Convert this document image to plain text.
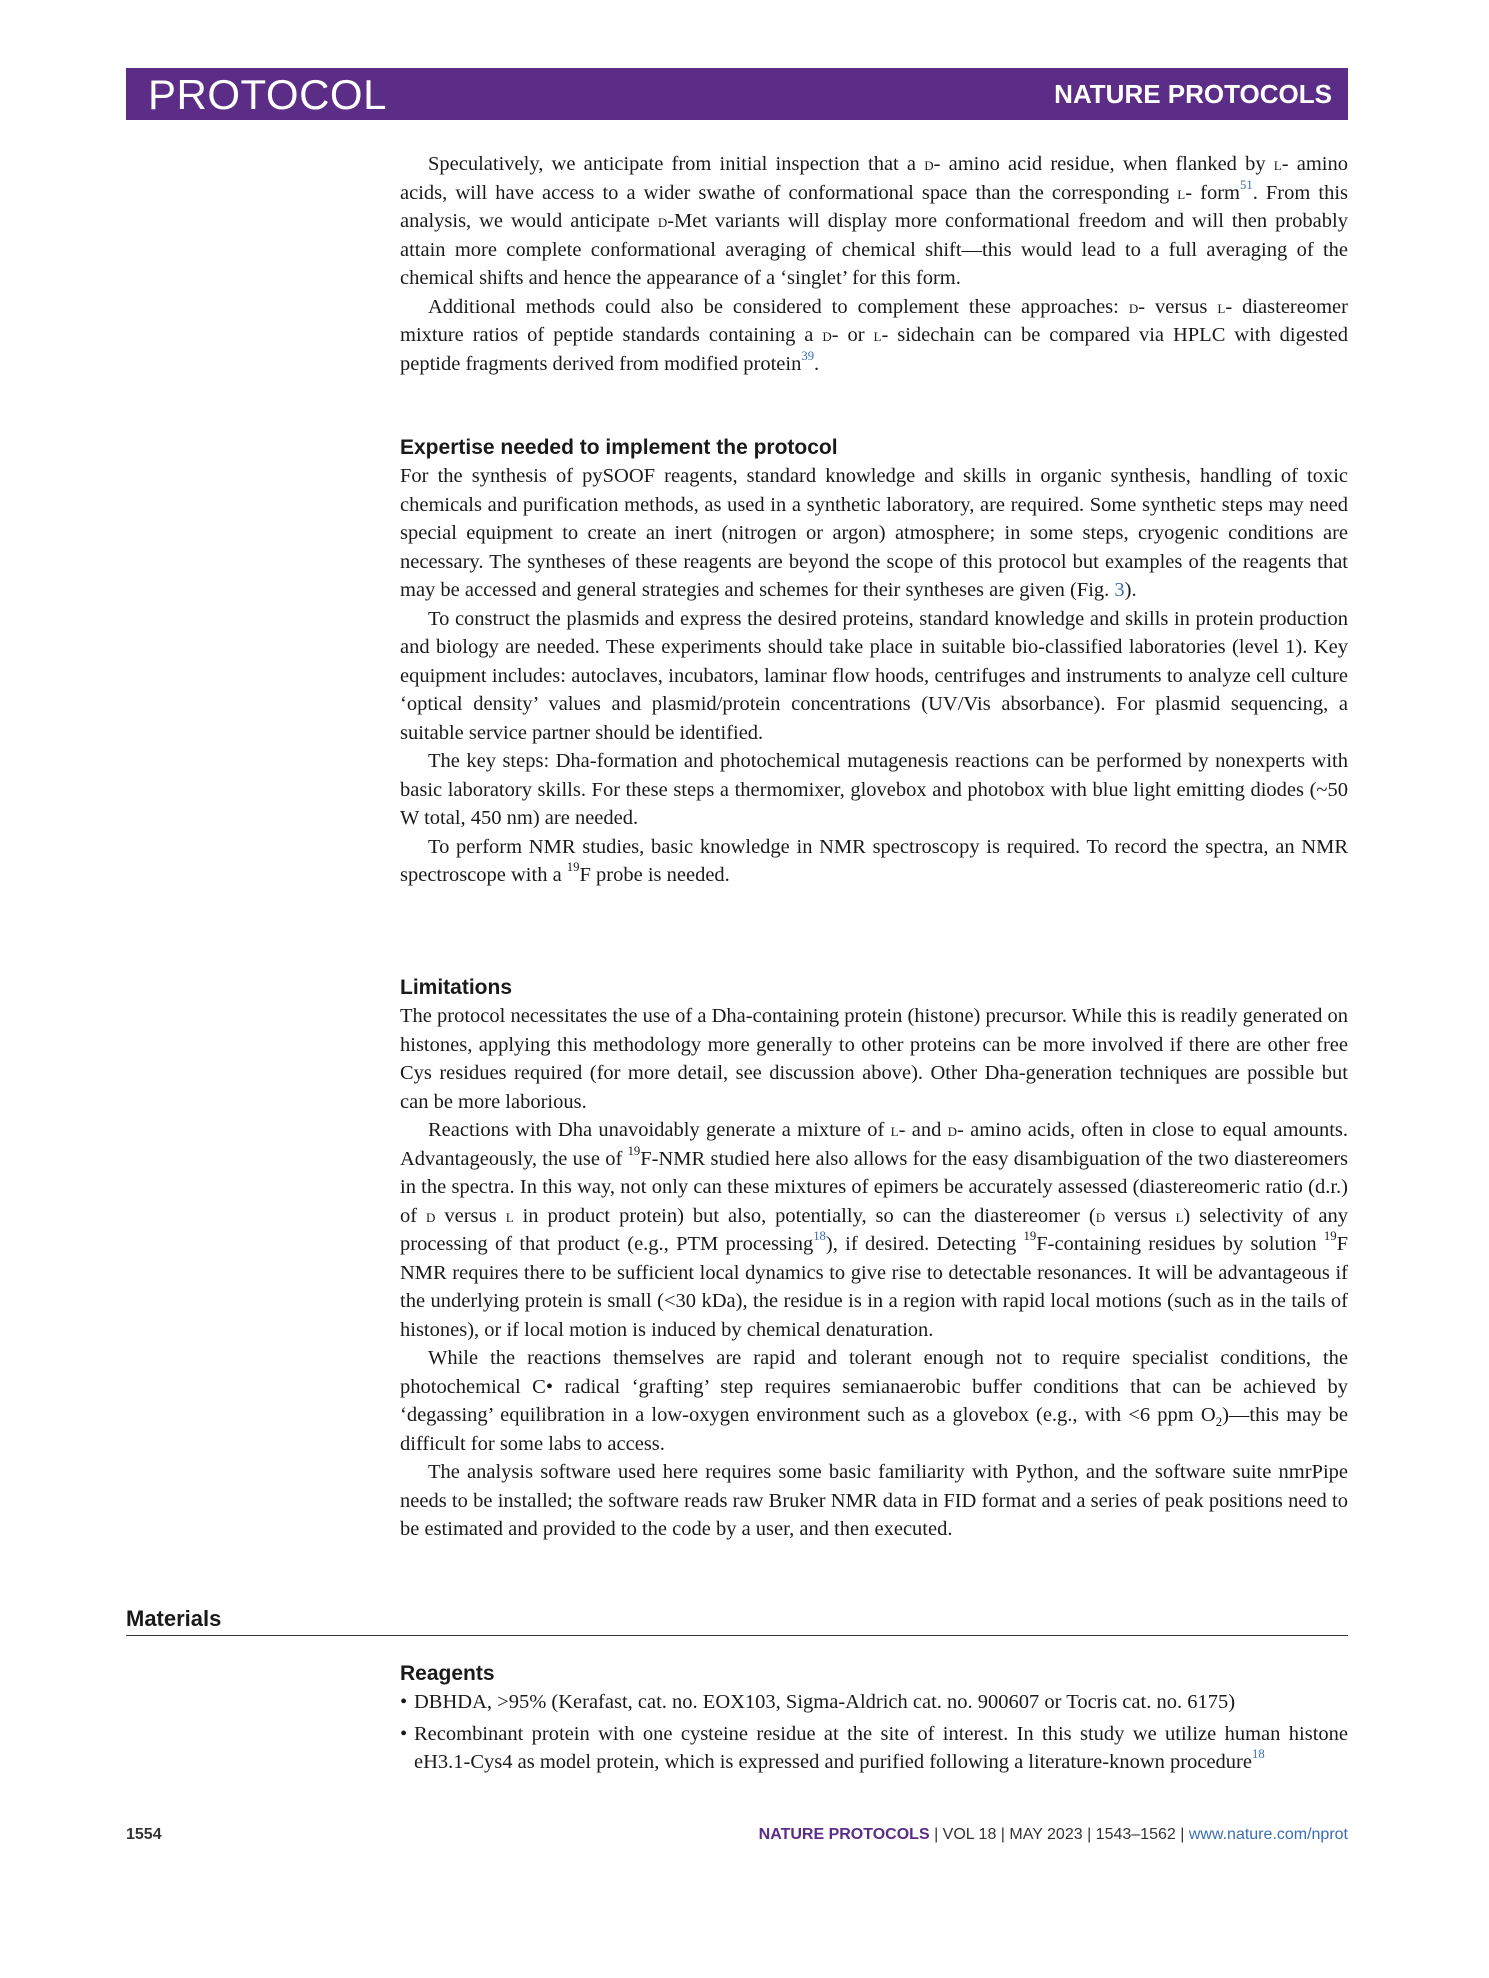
PROTOCOL	NATURE PROTOCOLS

Speculatively, we anticipate from initial inspection that a d- amino acid residue, when flanked by l- amino acids, will have access to a wider swathe of conformational space than the corresponding l- form$^{51}$. From this analysis, we would anticipate d-Met variants will display more conformational freedom and will then probably attain more complete conformational averaging of chemical shift—this would lead to a full averaging of the chemical shifts and hence the appearance of a ‘singlet’ for this form.

Additional methods could also be considered to complement these approaches: d- versus l- diastereomer mixture ratios of peptide standards containing a d- or l- sidechain can be compared via HPLC with digested peptide fragments derived from modified protein$^{39}$.

Expertise needed to implement the protocol

For the synthesis of pySOOF reagents, standard knowledge and skills in organic synthesis, handling of toxic chemicals and purification methods, as used in a synthetic laboratory, are required. Some synthetic steps may need special equipment to create an inert (nitrogen or argon) atmosphere; in some steps, cryogenic conditions are necessary. The syntheses of these reagents are beyond the scope of this protocol but examples of the reagents that may be accessed and general strategies and schemes for their syntheses are given (Fig. 3).

To construct the plasmids and express the desired proteins, standard knowledge and skills in protein production and biology are needed. These experiments should take place in suitable bio-classified laboratories (level 1). Key equipment includes: autoclaves, incubators, laminar flow hoods, centrifuges and instruments to analyze cell culture ‘optical density’ values and plasmid/protein concentrations (UV/Vis absorbance). For plasmid sequencing, a suitable service partner should be identified.

The key steps: Dha-formation and photochemical mutagenesis reactions can be performed by nonexperts with basic laboratory skills. For these steps a thermomixer, glovebox and photobox with blue light emitting diodes (~50 W total, 450 nm) are needed.

To perform NMR studies, basic knowledge in NMR spectroscopy is required. To record the spectra, an NMR spectroscope with a $^{19}$F probe is needed.

Limitations

The protocol necessitates the use of a Dha-containing protein (histone) precursor. While this is readily generated on histones, applying this methodology more generally to other proteins can be more involved if there are other free Cys residues required (for more detail, see discussion above). Other Dha-generation techniques are possible but can be more laborious.

Reactions with Dha unavoidably generate a mixture of l- and d- amino acids, often in close to equal amounts. Advantageously, the use of $^{19}$F-NMR studied here also allows for the easy disambiguation of the two diastereomers in the spectra. In this way, not only can these mixtures of epimers be accurately assessed (diastereomeric ratio (d.r.) of d versus l in product protein) but also, potentially, so can the diastereomer (d versus l) selectivity of any processing of that product (e.g., PTM processing$^{18}$), if desired. Detecting $^{19}$F-containing residues by solution $^{19}$F NMR requires there to be sufficient local dynamics to give rise to detectable resonances. It will be advantageous if the underlying protein is small (<30 kDa), the residue is in a region with rapid local motions (such as in the tails of histones), or if local motion is induced by chemical denaturation.

While the reactions themselves are rapid and tolerant enough not to require specialist conditions, the photochemical C• radical ‘grafting’ step requires semianaerobic buffer conditions that can be achieved by ‘degassing’ equilibration in a low-oxygen environment such as a glovebox (e.g., with <6 ppm $O_2)—this$ may be difficult for some labs to access.

The analysis software used here requires some basic familiarity with Python, and the software suite nmrPipe needs to be installed; the software reads raw Bruker NMR data in FID format and a series of peak positions need to be estimated and provided to the code by a user, and then executed.

Materials
Reagents
• DBHDA, >95% (Kerafast, cat. no. EOX103, Sigma-Aldrich cat. no. 900607 or Tocris cat. no. 6175)
• Recombinant protein with one cysteine residue at the site of interest. In this study we utilize human histone eH3.1-Cys4 as model protein, which is expressed and purified following a literature-known procedure$^{18}$
1554	NATURE PROTOCOLS | VOL 18 | MAY 2023 | 1543–1562 | www.nature.com/nprot
